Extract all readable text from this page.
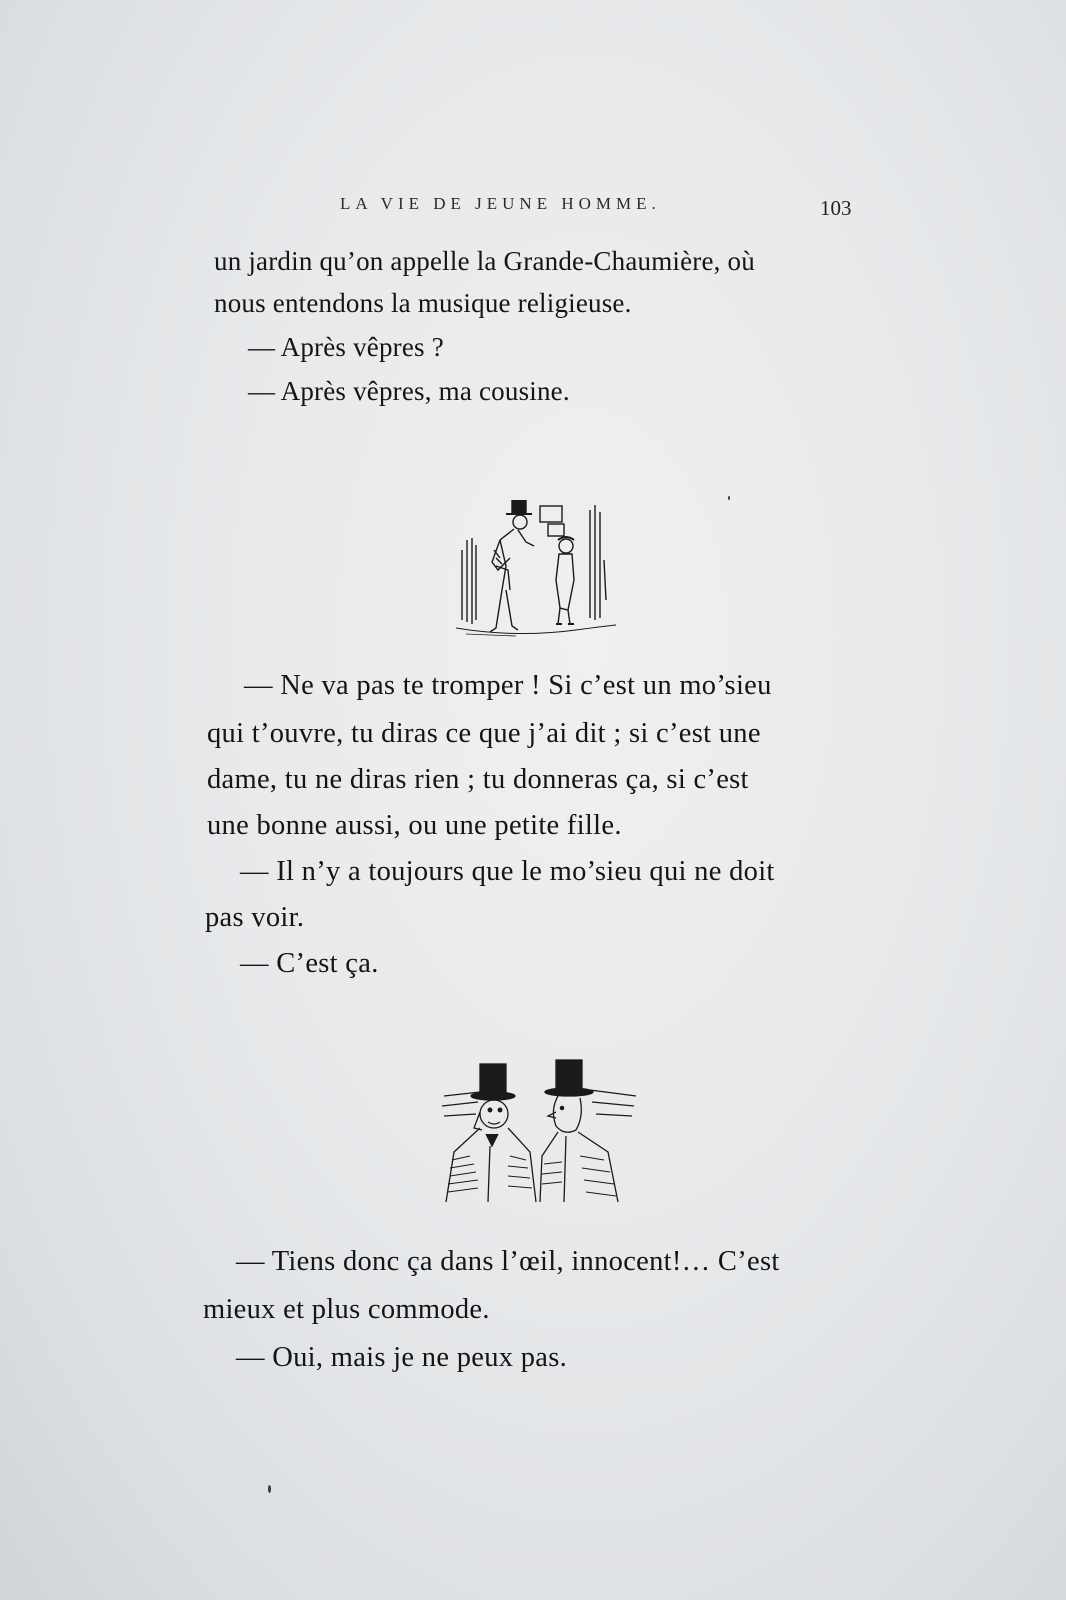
LA VIE DE JEUNE HOMME.	103
un jardin qu’on appelle la Grande-Chaumière, où
nous entendons la musique religieuse.
— Après vêpres ?
— Après vêpres, ma cousine.
— Ne va pas te tromper ! Si c’est un mo’sieu
qui t’ouvre, tu diras ce que j’ai dit ; si c’est une
dame, tu ne diras rien ; tu donneras ça, si c’est
une bonne aussi, ou une petite fille.
— Il n’y a toujours que le mo’sieu qui ne doit
pas voir.
— C’est ça.
— Tiens donc ça dans l’œil, innocent!… C’est
mieux et plus commode.
— Oui, mais je ne peux pas.
